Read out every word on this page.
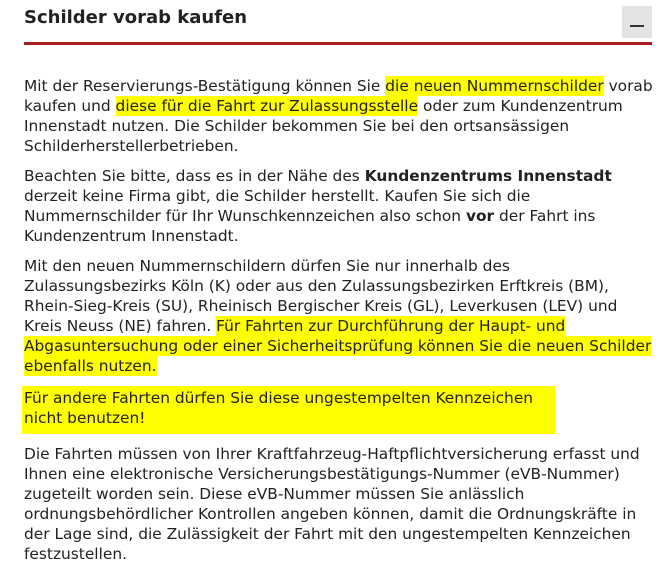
Schilder vorab kaufen

Mit der Reservierungs-Bestätigung können Sie die neuen Nummernschilder vorab kaufen und diese für die Fahrt zur Zulassungsstelle oder zum Kundenzentrum Innenstadt nutzen. Die Schilder bekommen Sie bei den ortsansässigen Schilderherstellerbetrieben.

Beachten Sie bitte, dass es in der Nähe des Kundenzentrums Innenstadt derzeit keine Firma gibt, die Schilder herstellt. Kaufen Sie sich die Nummernschilder für Ihr Wunschkennzeichen also schon vor der Fahrt ins Kundenzentrum Innenstadt.

Mit den neuen Nummernschildern dürfen Sie nur innerhalb des Zulassungsbezirks Köln (K) oder aus den Zulassungsbezirken Erftkreis (BM), Rhein-Sieg-Kreis (SU), Rheinisch Bergischer Kreis (GL), Leverkusen (LEV) und Kreis Neuss (NE) fahren. Für Fahrten zur Durchführung der Haupt- und Abgasuntersuchung oder einer Sicherheitsprüfung können Sie die neuen Schilder ebenfalls nutzen.

Für andere Fahrten dürfen Sie diese ungestempelten Kennzeichen
nicht benutzen!

Die Fahrten müssen von Ihrer Kraftfahrzeug-Haftpflichtversicherung erfasst und Ihnen eine elektronische Versicherungsbestätigungs-Nummer (eVB-Nummer) zugeteilt worden sein. Diese eVB-Nummer müssen Sie anlässlich ordnungsbehördlicher Kontrollen angeben können, damit die Ordnungskräfte in der Lage sind, die Zulässigkeit der Fahrt mit den ungestempelten Kennzeichen festzustellen.
